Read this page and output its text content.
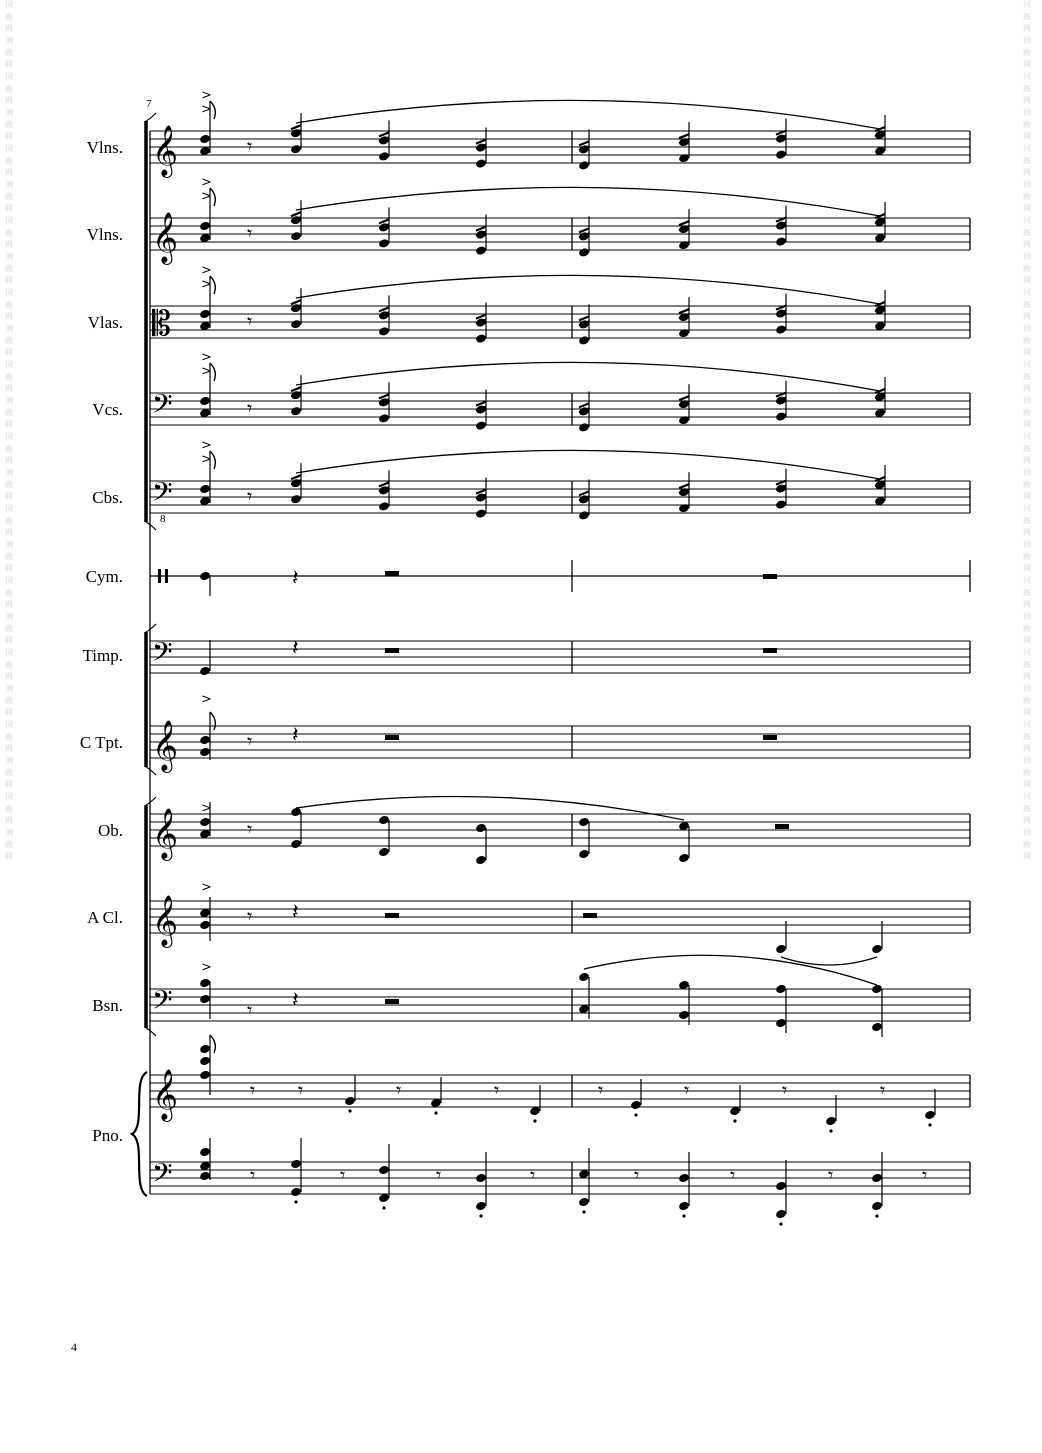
词
曲
网
词
曲
网
词
曲
网
词
曲
网
词
曲
网
词
曲
网
词
曲
网
词
曲
网
词
曲
网
词
曲
网
词
曲
网
词
曲
网
词
曲
网
词
曲
网
词
曲
网
词
曲
网
词
曲
网
词
曲
网
词
曲
网
词
曲
网
词
曲
网
词
曲
网
词
曲
网
词
曲
网
词
曲
网
词
曲
网
词
曲
网
词
曲
网
词
曲
网
词
曲
网
词
曲
网
词
曲
网
词
曲
网
词
曲
网
词
曲
网
词
曲
网
词
曲
网
词
曲
网
词
曲
网
词
曲
网
词
曲
网
词
曲
网
词
曲
网
词
曲
网
词
曲
网
词
曲
网
词
曲
网
词
曲
网
7
8
Vlns.
Vlns.
Vlas.
Vcs.
Cbs.
Cym.
Timp.
C Tpt.
Ob.
A Cl.
Bsn.
Pno.
4
𝄞
𝄞
𝄞
𝄞
𝄞
𝄞
𝄢
𝄢
𝄢
𝄢
𝄢
𝄡
>
>
𝄾
>
>
𝄾
>
>
𝄾
>
>
𝄾
>
>
𝄾
𝄽
𝄽
>
𝄾 𝄽
>
𝄾
>
𝄾 𝄽
>
𝄾 𝄽
𝄾 𝄾	𝄾	𝄾	𝄾	𝄾	𝄾	𝄾
𝄾	𝄾	𝄾	𝄾	𝄾	𝄾	𝄾	𝄾
